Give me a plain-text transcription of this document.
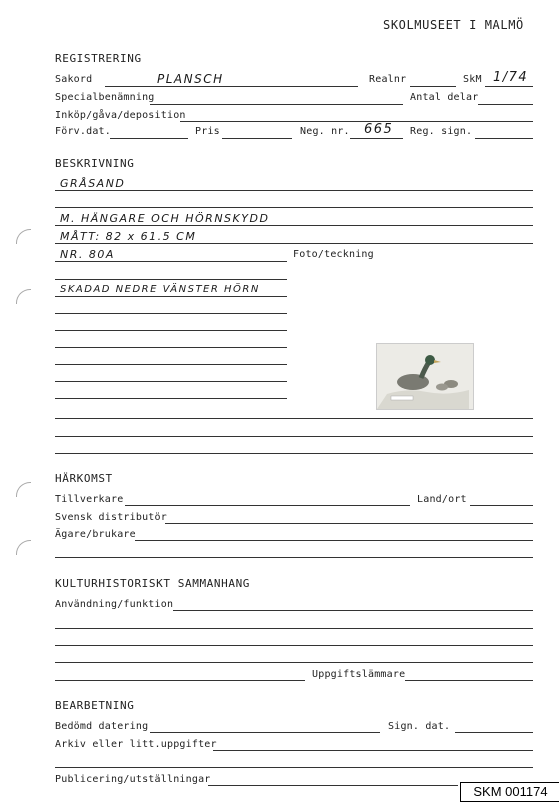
SKOLMUSEET I MALMÖ
REGISTRERING
Sakord	PLANSCH	Realnr	SkM 1/74
Specialbenämning	Antal delar
Inköp/gåva/deposition
Förv.dat.	Pris	Neg. nr. 665 Reg. sign.
BESKRIVNING
GRÅSAND
M. HÄNGARE OCH HÖRNSKYDD
MÅTT: 82 x 61.5 CM
NR. 80A	Foto/teckning
SKADAD NEDRE VÄNSTER HÖRN
HÄRKOMST
Tillverkare	Land/ort
Svensk distributör
Ägare/brukare
KULTURHISTORISKT SAMMANHANG
Användning/funktion
Uppgiftslämmare
BEARBETNING
Bedömd datering	Sign. dat.
Arkiv eller litt.uppgifter
Publicering/utställningar
SKM 001174
